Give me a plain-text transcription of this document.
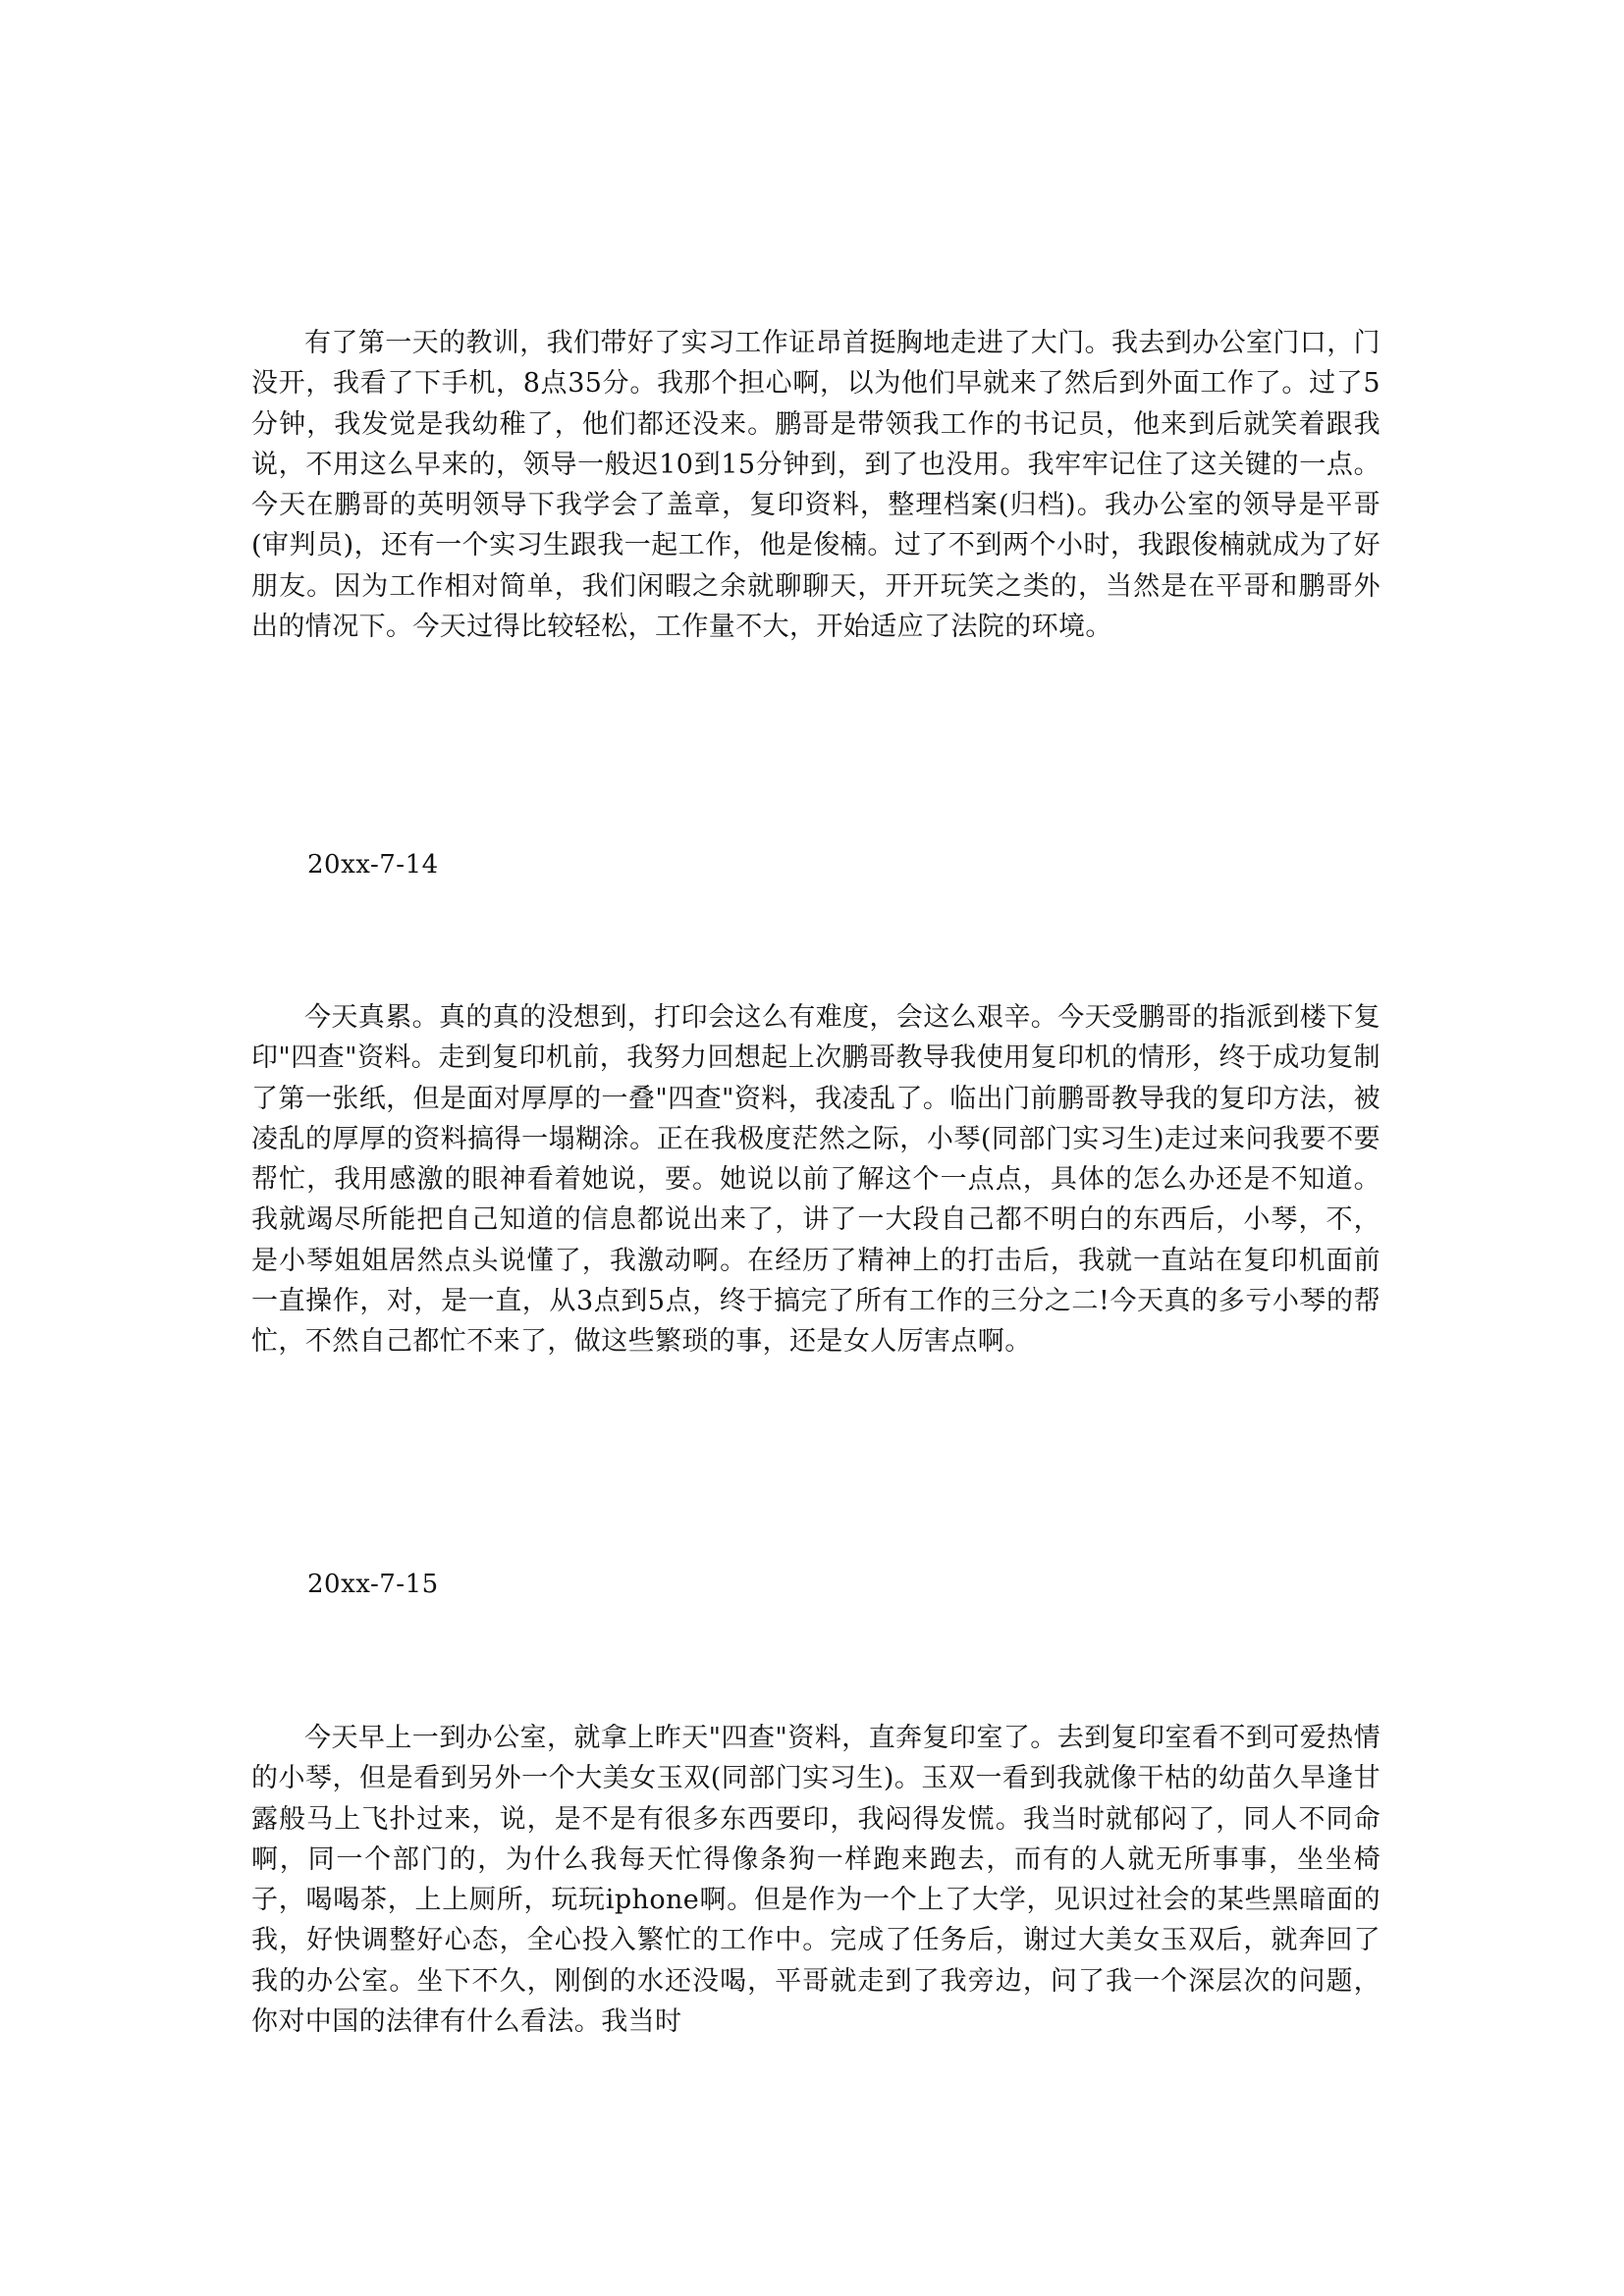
有了第一天的教训，我们带好了实习工作证昂首挺胸地走进了大门。我去到办公室门口，门没开，我看了下手机，8点35分。我那个担心啊，以为他们早就来了然后到外面工作了。过了5分钟，我发觉是我幼稚了，他们都还没来。鹏哥是带领我工作的书记员，他来到后就笑着跟我说，不用这么早来的，领导一般迟10到15分钟到，到了也没用。我牢牢记住了这关键的一点。今天在鹏哥的英明领导下我学会了盖章，复印资料，整理档案(归档)。我办公室的领导是平哥(审判员)，还有一个实习生跟我一起工作，他是俊楠。过了不到两个小时，我跟俊楠就成为了好朋友。因为工作相对简单，我们闲暇之余就聊聊天，开开玩笑之类的，当然是在平哥和鹏哥外出的情况下。今天过得比较轻松，工作量不大，开始适应了法院的环境。

20xx-7-14

今天真累。真的真的没想到，打印会这么有难度，会这么艰辛。今天受鹏哥的指派到楼下复印"四查"资料。走到复印机前，我努力回想起上次鹏哥教导我使用复印机的情形，终于成功复制了第一张纸，但是面对厚厚的一叠"四查"资料，我凌乱了。临出门前鹏哥教导我的复印方法，被凌乱的厚厚的资料搞得一塌糊涂。正在我极度茫然之际，小琴(同部门实习生)走过来问我要不要帮忙，我用感激的眼神看着她说，要。她说以前了解这个一点点，具体的怎么办还是不知道。我就竭尽所能把自己知道的信息都说出来了，讲了一大段自己都不明白的东西后，小琴，不，是小琴姐姐居然点头说懂了，我激动啊。在经历了精神上的打击后，我就一直站在复印机面前一直操作，对，是一直，从3点到5点，终于搞完了所有工作的三分之二!今天真的多亏小琴的帮忙，不然自己都忙不来了，做这些繁琐的事，还是女人厉害点啊。

20xx-7-15

今天早上一到办公室，就拿上昨天"四查"资料，直奔复印室了。去到复印室看不到可爱热情的小琴，但是看到另外一个大美女玉双(同部门实习生)。玉双一看到我就像干枯的幼苗久旱逢甘露般马上飞扑过来，说，是不是有很多东西要印，我闷得发慌。我当时就郁闷了，同人不同命啊，同一个部门的，为什么我每天忙得像条狗一样跑来跑去，而有的人就无所事事，坐坐椅子，喝喝茶，上上厕所，玩玩iphone啊。但是作为一个上了大学，见识过社会的某些黑暗面的我，好快调整好心态，全心投入繁忙的工作中。完成了任务后，谢过大美女玉双后，就奔回了我的办公室。坐下不久，刚倒的水还没喝，平哥就走到了我旁边，问了我一个深层次的问题，你对中国的法律有什么看法。我当时
